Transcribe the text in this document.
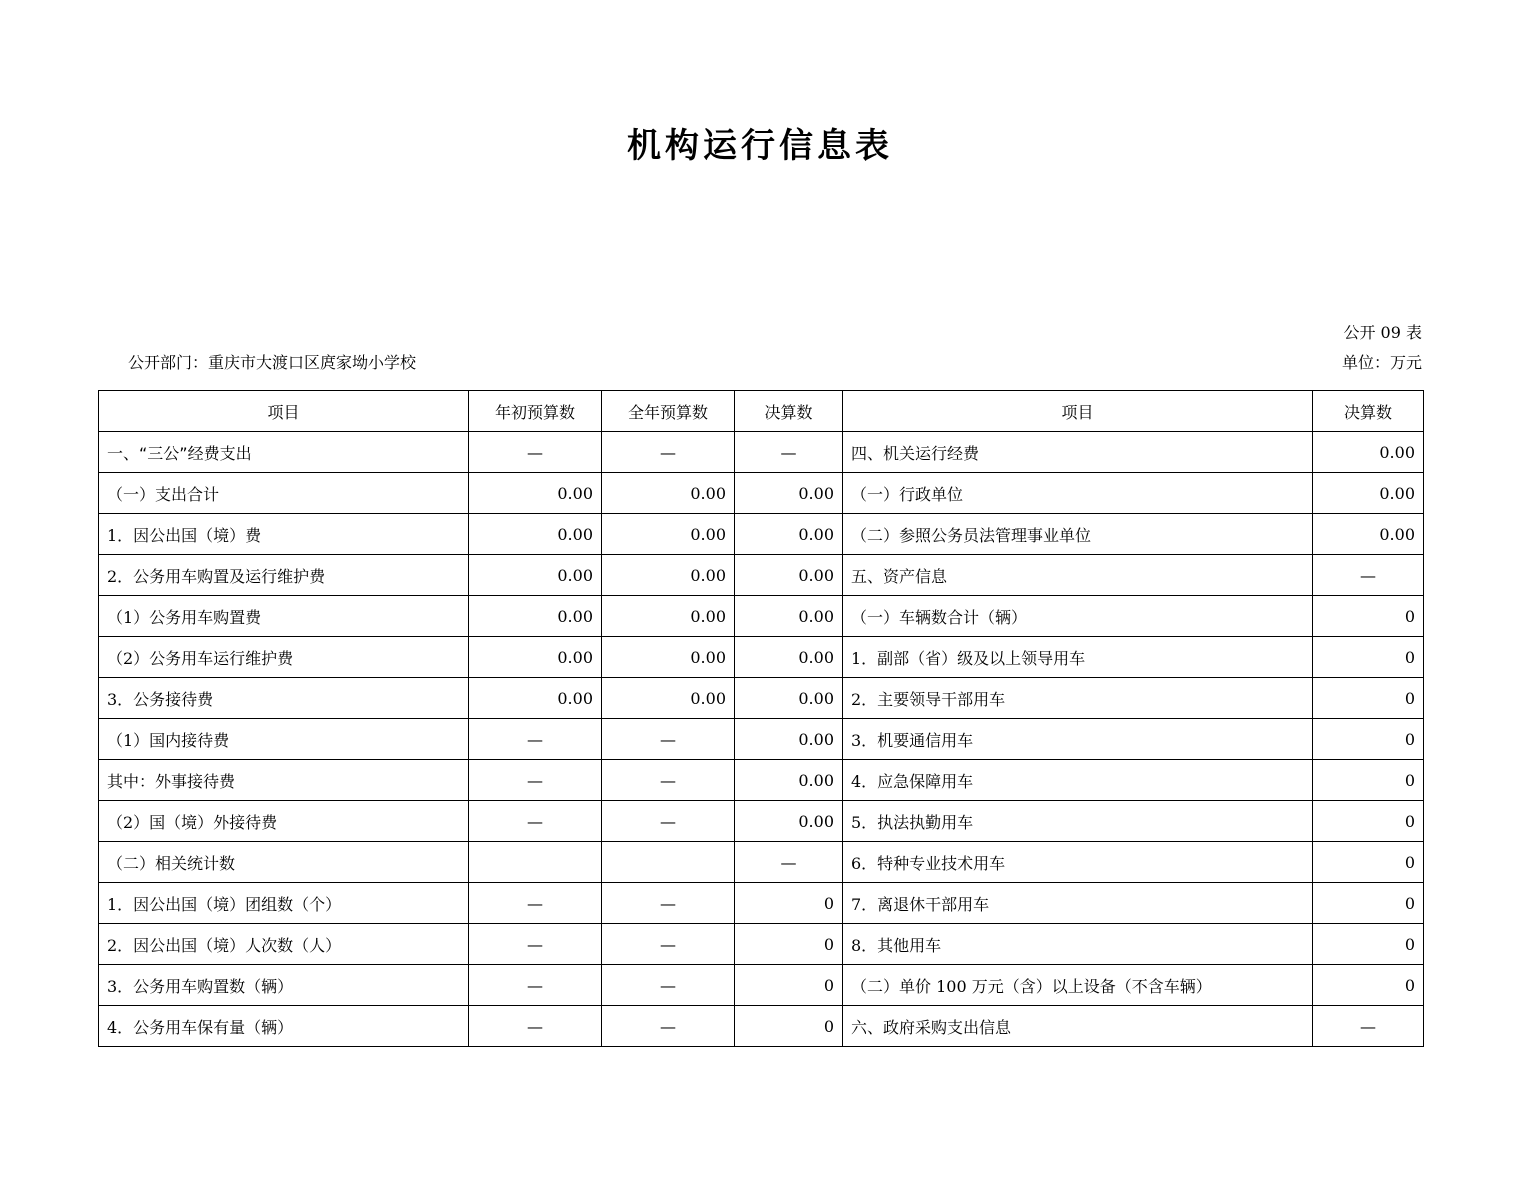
机构运行信息表
公开 09 表
单位：万元
公开部门：重庆市大渡口区庹家坳小学校
项目	年初预算数	全年预算数	决算数	项目	决算数
一、“三公”经费支出	—	—	—	四、机关运行经费	0.00
（一）支出合计	0.00	0.00	0.00	（一）行政单位	0.00
1．因公出国（境）费	0.00	0.00	0.00	（二）参照公务员法管理事业单位	0.00
2．公务用车购置及运行维护费	0.00	0.00	0.00	五、资产信息	—
（1）公务用车购置费	0.00	0.00	0.00	（一）车辆数合计（辆）	0
（2）公务用车运行维护费	0.00	0.00	0.00	1．副部（省）级及以上领导用车	0
3．公务接待费	0.00	0.00	0.00	2．主要领导干部用车	0
（1）国内接待费	—	—	0.00	3．机要通信用车	0
其中：外事接待费	—	—	0.00	4．应急保障用车	0
（2）国（境）外接待费	—	—	0.00	5．执法执勤用车	0
（二）相关统计数			—	6．特种专业技术用车	0
1．因公出国（境）团组数（个）	—	—	0	7．离退休干部用车	0
2．因公出国（境）人次数（人）	—	—	0	8．其他用车	0
3．公务用车购置数（辆）	—	—	0	（二）单价 100 万元（含）以上设备（不含车辆）	0
4．公务用车保有量（辆）	—	—	0	六、政府采购支出信息	—
